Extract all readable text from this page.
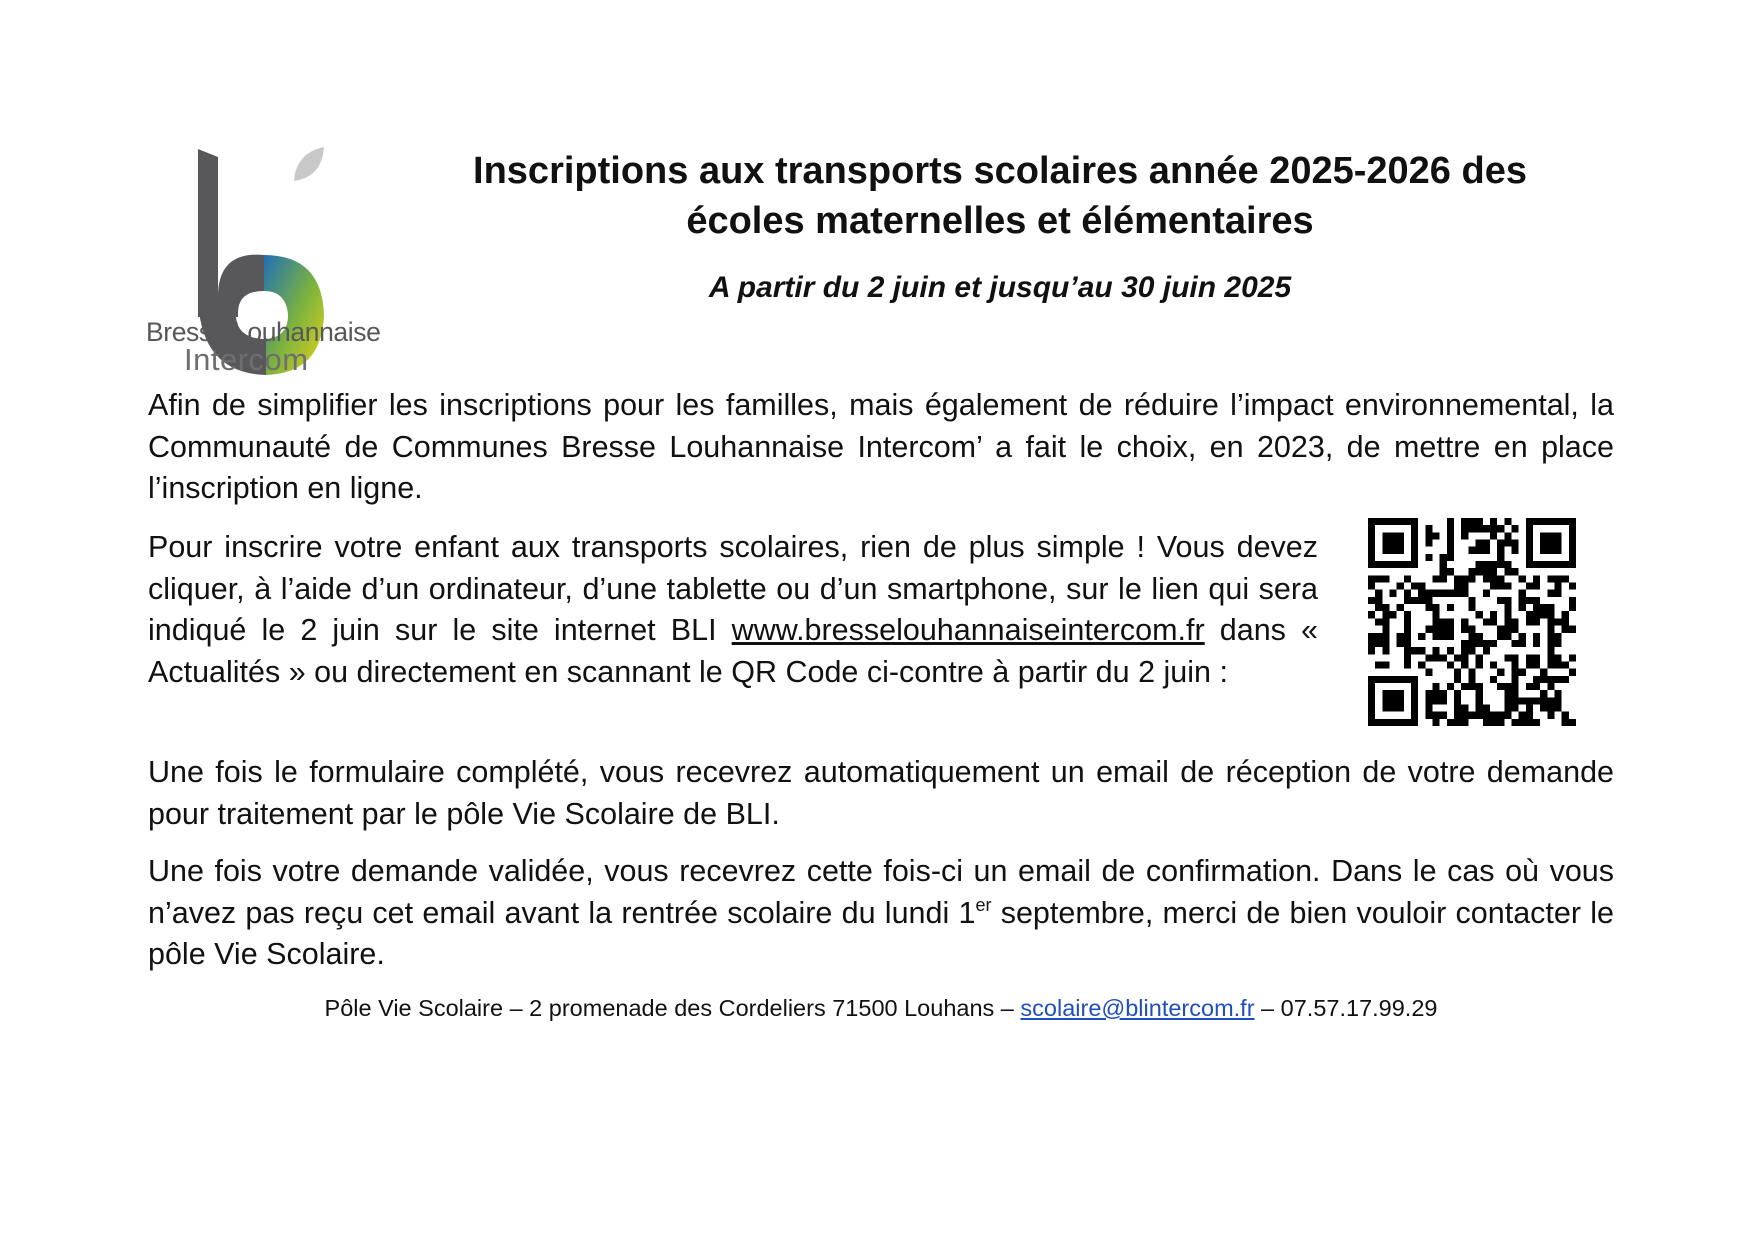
Bresse Louhannaise
Intercom
Inscriptions aux transports scolaires année 2025-2026 des
écoles maternelles et élémentaires

A partir du 2 juin et jusqu’au 30 juin 2025

Afin de simplifier les inscriptions pour les familles, mais également de réduire l’impact environnemental, la Communauté de Communes Bresse Louhannaise Intercom’ a fait le choix, en 2023, de mettre en place l’inscription en ligne.

Pour inscrire votre enfant aux transports scolaires, rien de plus simple ! Vous devez cliquer, à l’aide d’un ordinateur, d’une tablette ou d’un smartphone, sur le lien qui sera indiqué le 2 juin sur le site internet BLI www.bresselouhannaiseintercom.fr dans « Actualités » ou directement en scannant le QR Code ci-contre à partir du 2 juin :

Une fois le formulaire complété, vous recevrez automatiquement un email de réception de votre demande pour traitement par le pôle Vie Scolaire de BLI.

Une fois votre demande validée, vous recevrez cette fois-ci un email de confirmation. Dans le cas où vous n’avez pas reçu cet email avant la rentrée scolaire du lundi 1er septembre, merci de bien vouloir contacter le pôle Vie Scolaire.

Pôle Vie Scolaire – 2 promenade des Cordeliers 71500 Louhans – scolaire@blintercom.fr – 07.57.17.99.29
